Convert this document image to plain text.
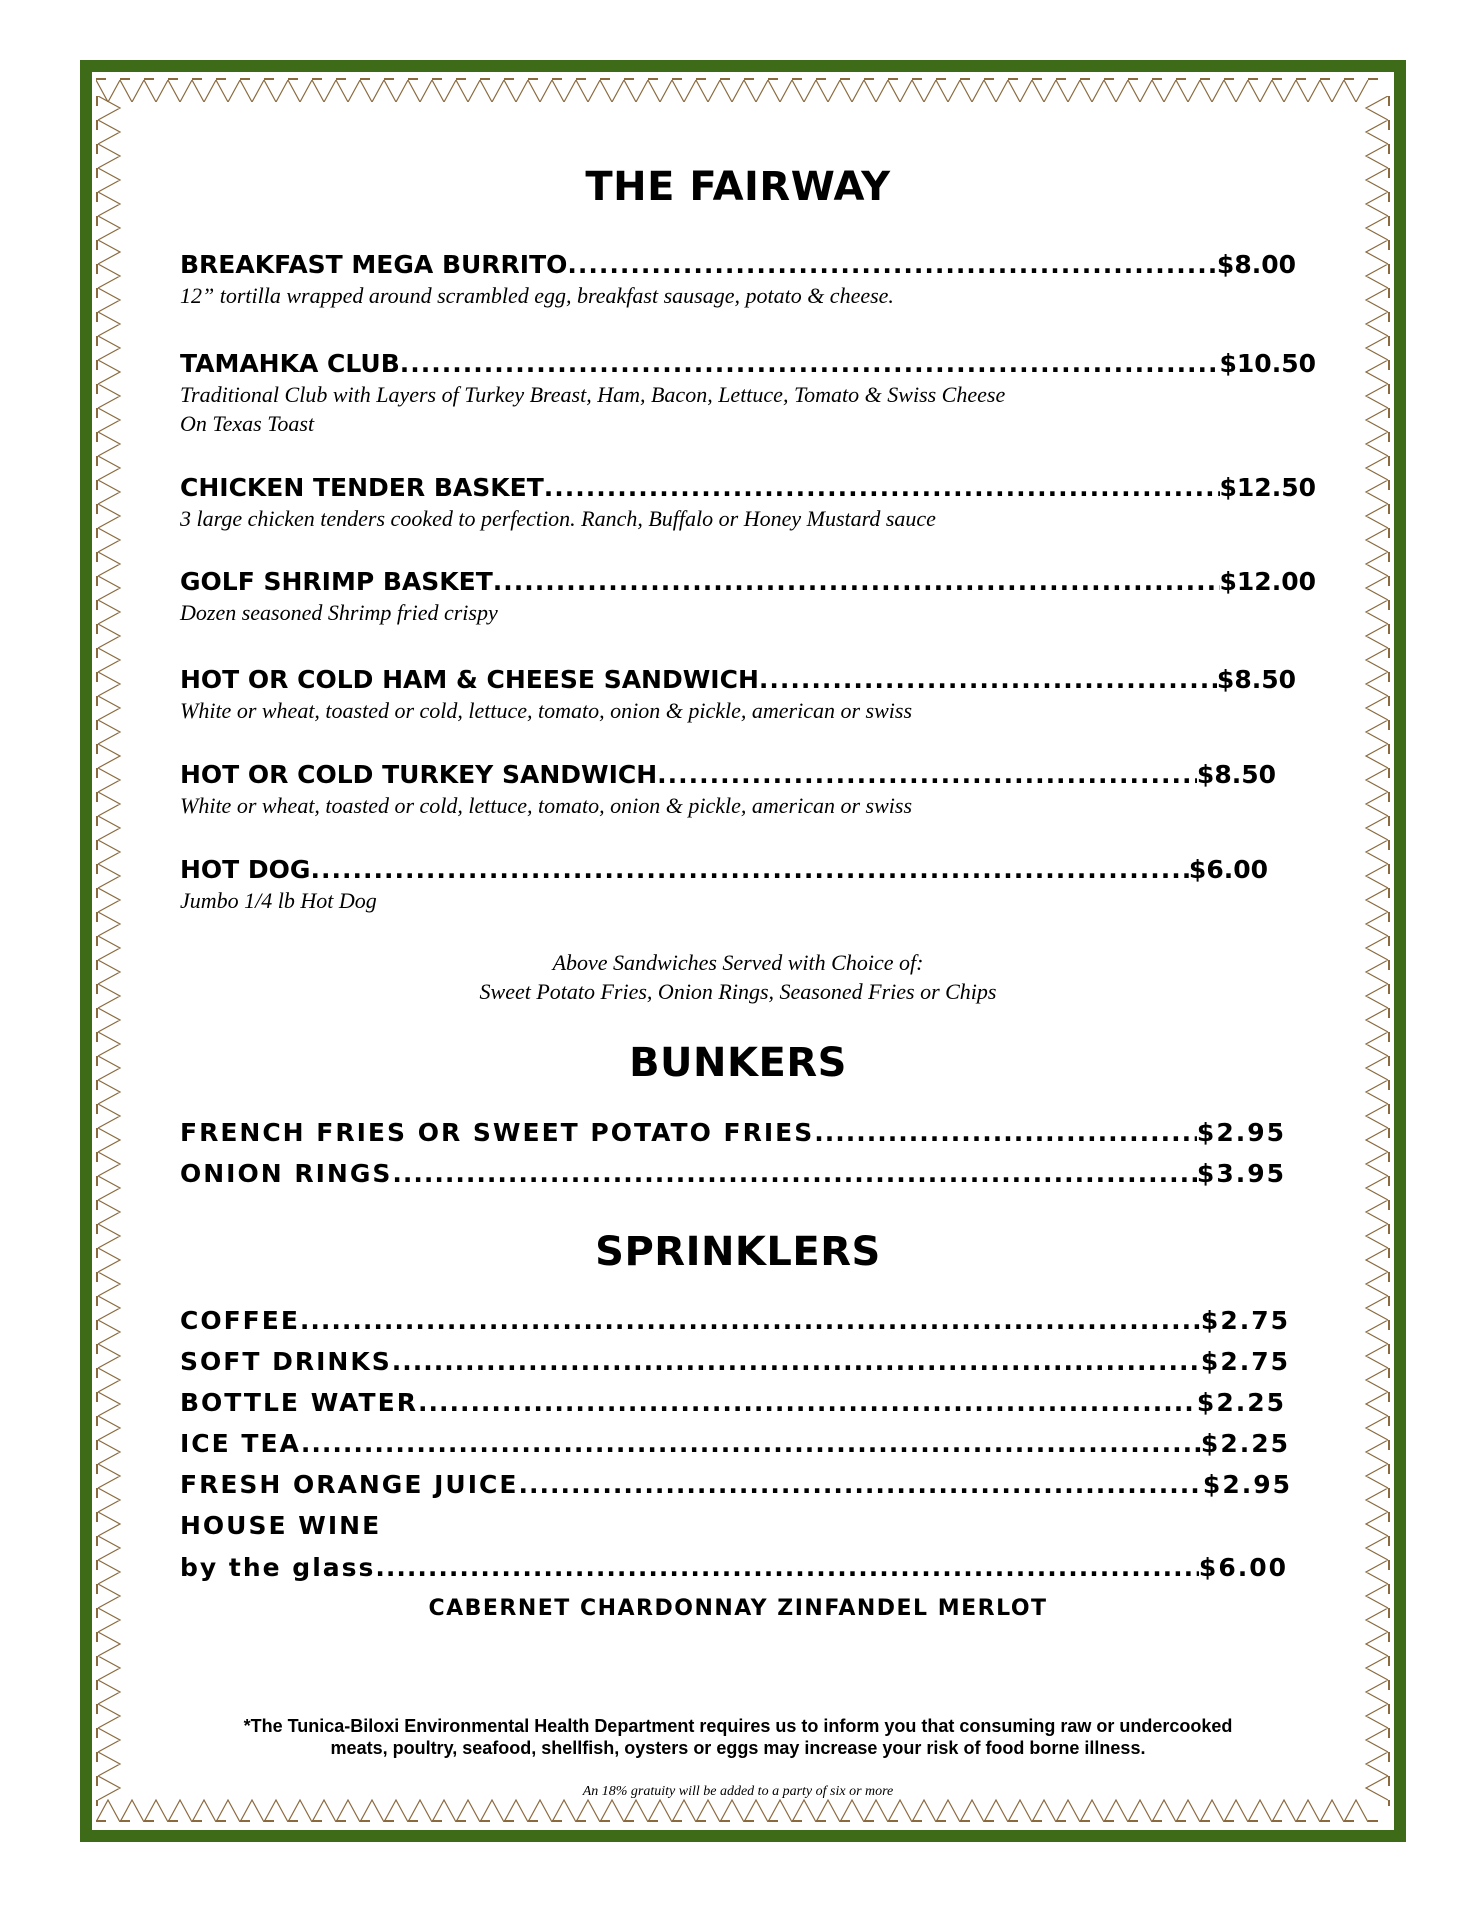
THE FAIRWAY
BREAKFAST MEGA BURRITO .....	$8.00
12” tortilla wrapped around scrambled egg, breakfast sausage, potato & cheese.
TAMAHKA CLUB .....	$10.50
Traditional Club with Layers of Turkey Breast, Ham, Bacon, Lettuce, Tomato & Swiss Cheese
On Texas Toast
CHICKEN TENDER BASKET .....	$12.50
3 large chicken tenders cooked to perfection. Ranch, Buffalo or Honey Mustard sauce
GOLF SHRIMP BASKET .....	$12.00
Dozen seasoned Shrimp fried crispy
HOT OR COLD HAM & CHEESE SANDWICH .....	$8.50
White or wheat, toasted or cold, lettuce, tomato, onion & pickle, american or swiss
HOT OR COLD TURKEY SANDWICH .....	$8.50
White or wheat, toasted or cold, lettuce, tomato, onion & pickle, american or swiss
HOT DOG .....	$6.00
Jumbo 1/4 lb Hot Dog
Above Sandwiches Served with Choice of:
Sweet Potato Fries, Onion Rings, Seasoned Fries or Chips
BUNKERS
FRENCH FRIES OR SWEET POTATO FRIES .....	$2.95
ONION RINGS .....	$3.95
SPRINKLERS
COFFEE .....	$2.75
SOFT DRINKS .....	$2.75
BOTTLE WATER .....	$2.25
ICE TEA .....	$2.25
FRESH ORANGE JUICE .....	$2.95
HOUSE WINE
by the glass .....	$6.00
CABERNET CHARDONNAY ZINFANDEL MERLOT
*The Tunica-Biloxi Environmental Health Department requires us to inform you that consuming raw or undercooked
meats, poultry, seafood, shellfish, oysters or eggs may increase your risk of food borne illness.
An 18% gratuity will be added to a party of six or more
